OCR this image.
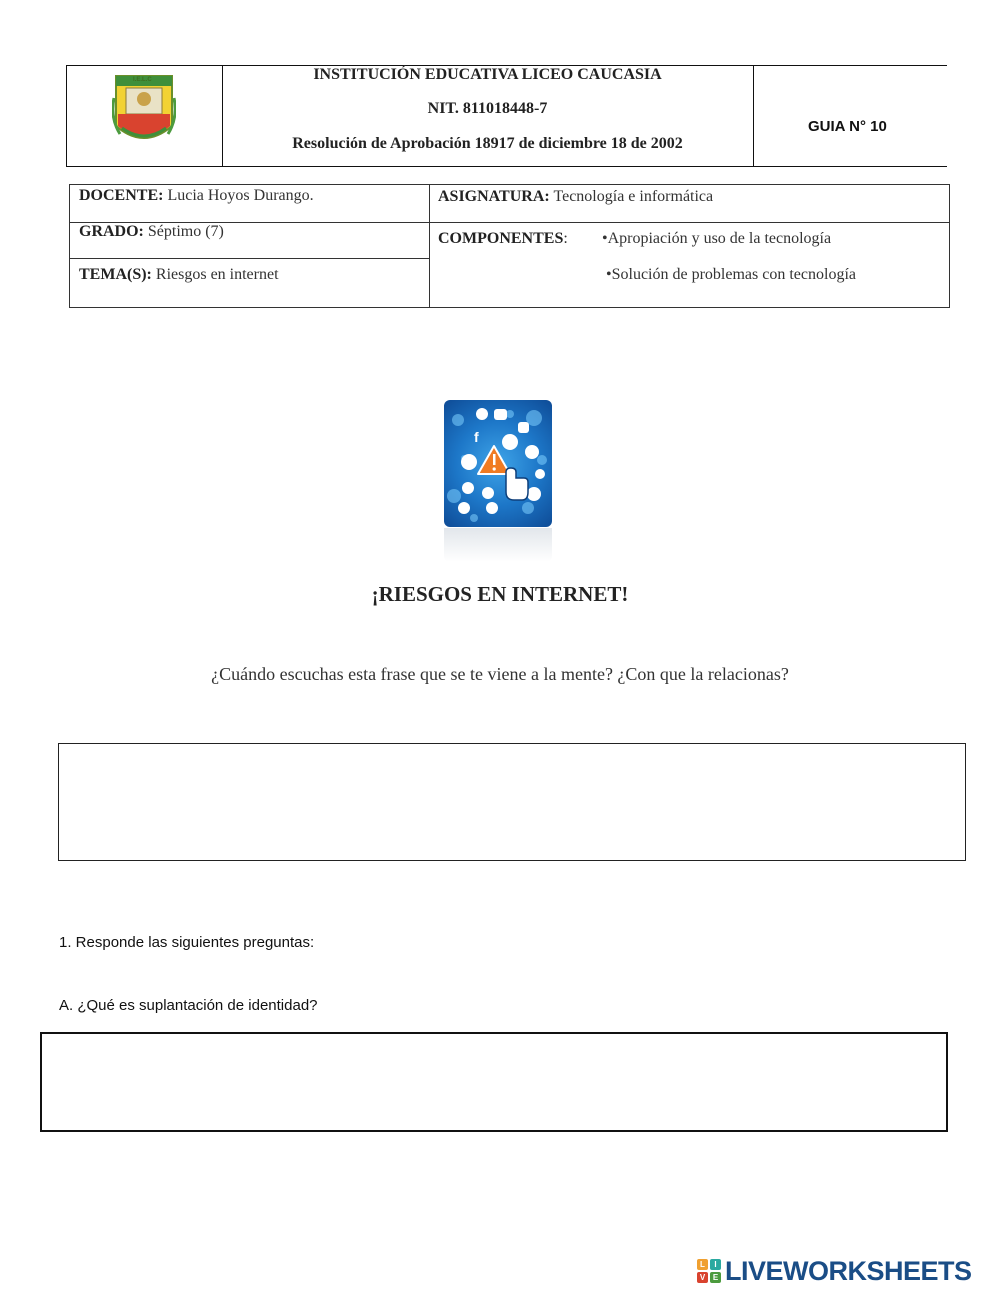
I.E.L.C	INSTITUCIÓN EDUCATIVA LICEO CAUCASIA
NIT. 811018448-7
Resolución de Aprobación 18917 de diciembre 18 de 2002
GUIA N° 10
DOCENTE: Lucia Hoyos Durango.	ASIGNATURA: Tecnología e informática
GRADO: Séptimo (7)	COMPONENTES: •Apropiación y uso de la tecnología
•Solución de problemas con tecnología
TEMA(S): Riesgos en internet
f
¡RIESGOS EN INTERNET!
¿Cuándo escuchas esta frase que se te viene a la mente? ¿Con que la relacionas?
1. Responde las siguientes preguntas:
A. ¿Qué es suplantación de identidad?
L	I
V E LIVEWORKSHEETS
